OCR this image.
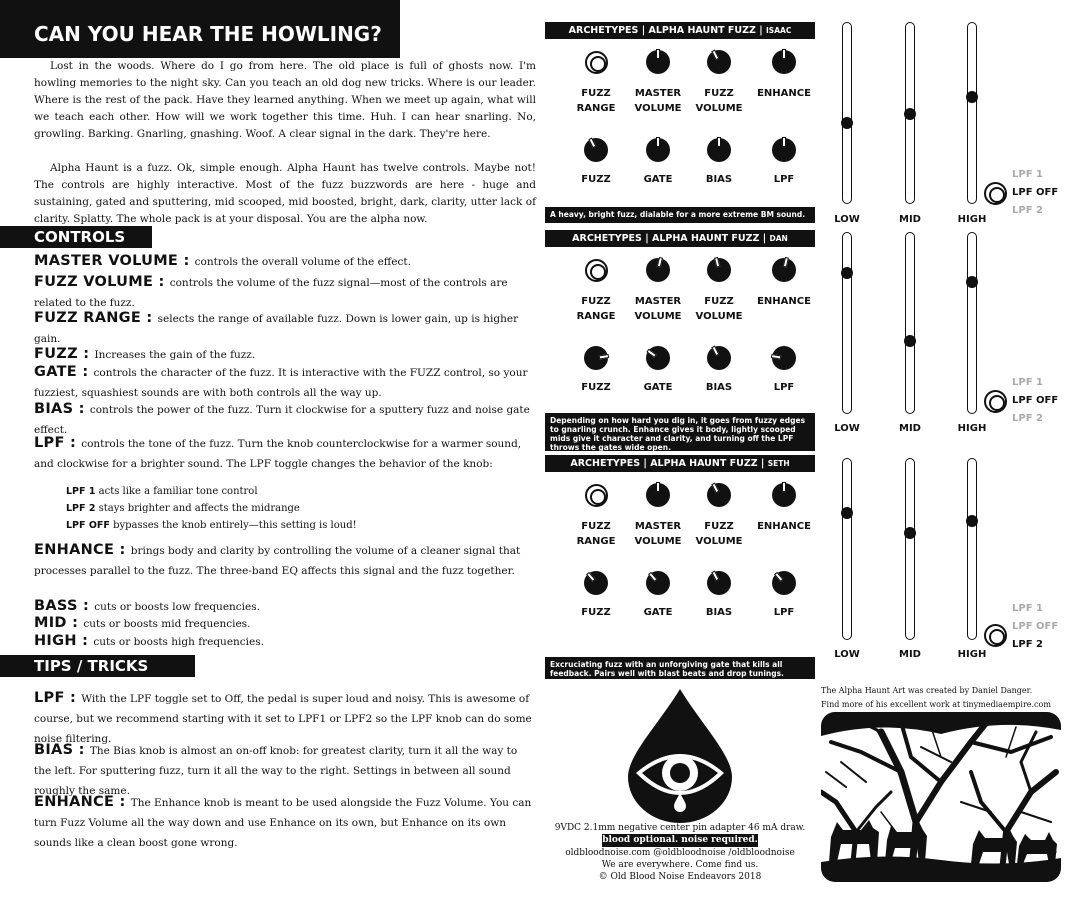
CAN YOU HEAR THE HOWLING?

Lost in the woods. Where do I go from here. The old place is full of ghosts now. I'm howling memories to the night sky. Can you teach an old dog new tricks. Where is our leader. Where is the rest of the pack. Have they learned anything. When we meet up again, what will we teach each other. How will we work together this time. Huh. I can hear snarling. No, growling. Barking. Gnarling, gnashing. Woof. A clear signal in the dark. They're here.

Alpha Haunt is a fuzz. Ok, simple enough. Alpha Haunt has twelve controls. Maybe not! The controls are highly interactive. Most of the fuzz buzzwords are here - huge and sustaining, gated and sputtering, mid scooped, mid boosted, bright, dark, clarity, utter lack of clarity. Splatty. The whole pack is at your disposal. You are the alpha now.

CONTROLS
MASTER VOLUME : controls the overall volume of the effect.
FUZZ VOLUME : controls the volume of the fuzz signal—most of the controls are related to the fuzz.
FUZZ RANGE : selects the range of available fuzz. Down is lower gain, up is higher gain.
FUZZ : Increases the gain of the fuzz.
GATE : controls the character of the fuzz. It is interactive with the FUZZ control, so your fuzziest, squashiest sounds are with both controls all the way up.
BIAS : controls the power of the fuzz. Turn it clockwise for a sputtery fuzz and noise gate effect.
LPF : controls the tone of the fuzz. Turn the knob counterclockwise for a warmer sound, and clockwise for a brighter sound. The LPF toggle changes the behavior of the knob:
ENHANCE : brings body and clarity by controlling the volume of a cleaner signal that processes parallel to the fuzz. The three-band EQ affects this signal and the fuzz together.
BASS : cuts or boosts low frequencies.
MID : cuts or boosts mid frequencies.
HIGH : cuts or boosts high frequencies.
LPF 1 acts like a familiar tone control
LPF 2 stays brighter and affects the midrange
LPF OFF bypasses the knob entirely—this setting is loud!
TIPS / TRICKS
LPF : With the LPF toggle set to Off, the pedal is super loud and noisy. This is awesome of course, but we recommend starting with it set to LPF1 or LPF2 so the LPF knob can do some noise filtering.
BIAS : The Bias knob is almost an on-off knob: for greatest clarity, turn it all the way to the left. For sputtering fuzz, turn it all the way to the right. Settings in between all sound roughly the same.
ENHANCE : The Enhance knob is meant to be used alongside the Fuzz Volume. You can turn Fuzz Volume all the way down and use Enhance on its own, but Enhance on its own sounds like a clean boost gone wrong.
ARCHETYPES | ALPHA HAUNT FUZZ | ISAAC
FUZZ
RANGE
MASTER
VOLUME
FUZZ
VOLUME
ENHANCE
FUZZ	GATE	BIAS	LPF
A heavy, bright fuzz, dialable for a more extreme BM sound.
ARCHETYPES | ALPHA HAUNT FUZZ | DAN
FUZZ
RANGE
MASTER
VOLUME
FUZZ
VOLUME
ENHANCE
FUZZ	GATE	BIAS	LPF
Depending on how hard you dig in, it goes from fuzzy edges to gnarling crunch. Enhance gives it body, lightly scooped mids give it character and clarity, and turning off the LPF throws the gates wide open.
ARCHETYPES | ALPHA HAUNT FUZZ | SETH
FUZZ
RANGE
MASTER
VOLUME
FUZZ
VOLUME
ENHANCE
FUZZ	GATE	BIAS	LPF
Excruciating fuzz with an unforgiving gate that kills all feedback. Pairs well with blast beats and drop tunings.
9VDC 2.1mm negative center pin adapter 46 mA draw.
blood optional. noise required.
oldbloodnoise.com @oldbloodnoise /oldbloodnoise
We are everywhere. Come find us.
© Old Blood Noise Endeavors 2018
LOW	MID	HIGH
LPF 1
LPF OFF
LPF 2
LOW	MID	HIGH
LPF 1
LPF OFF
LPF 2
LOW	MID	HIGH
LPF 1
LPF OFF
LPF 2
The Alpha Haunt Art was created by Daniel Danger.
Find more of his excellent work at tinymediaempire.com
